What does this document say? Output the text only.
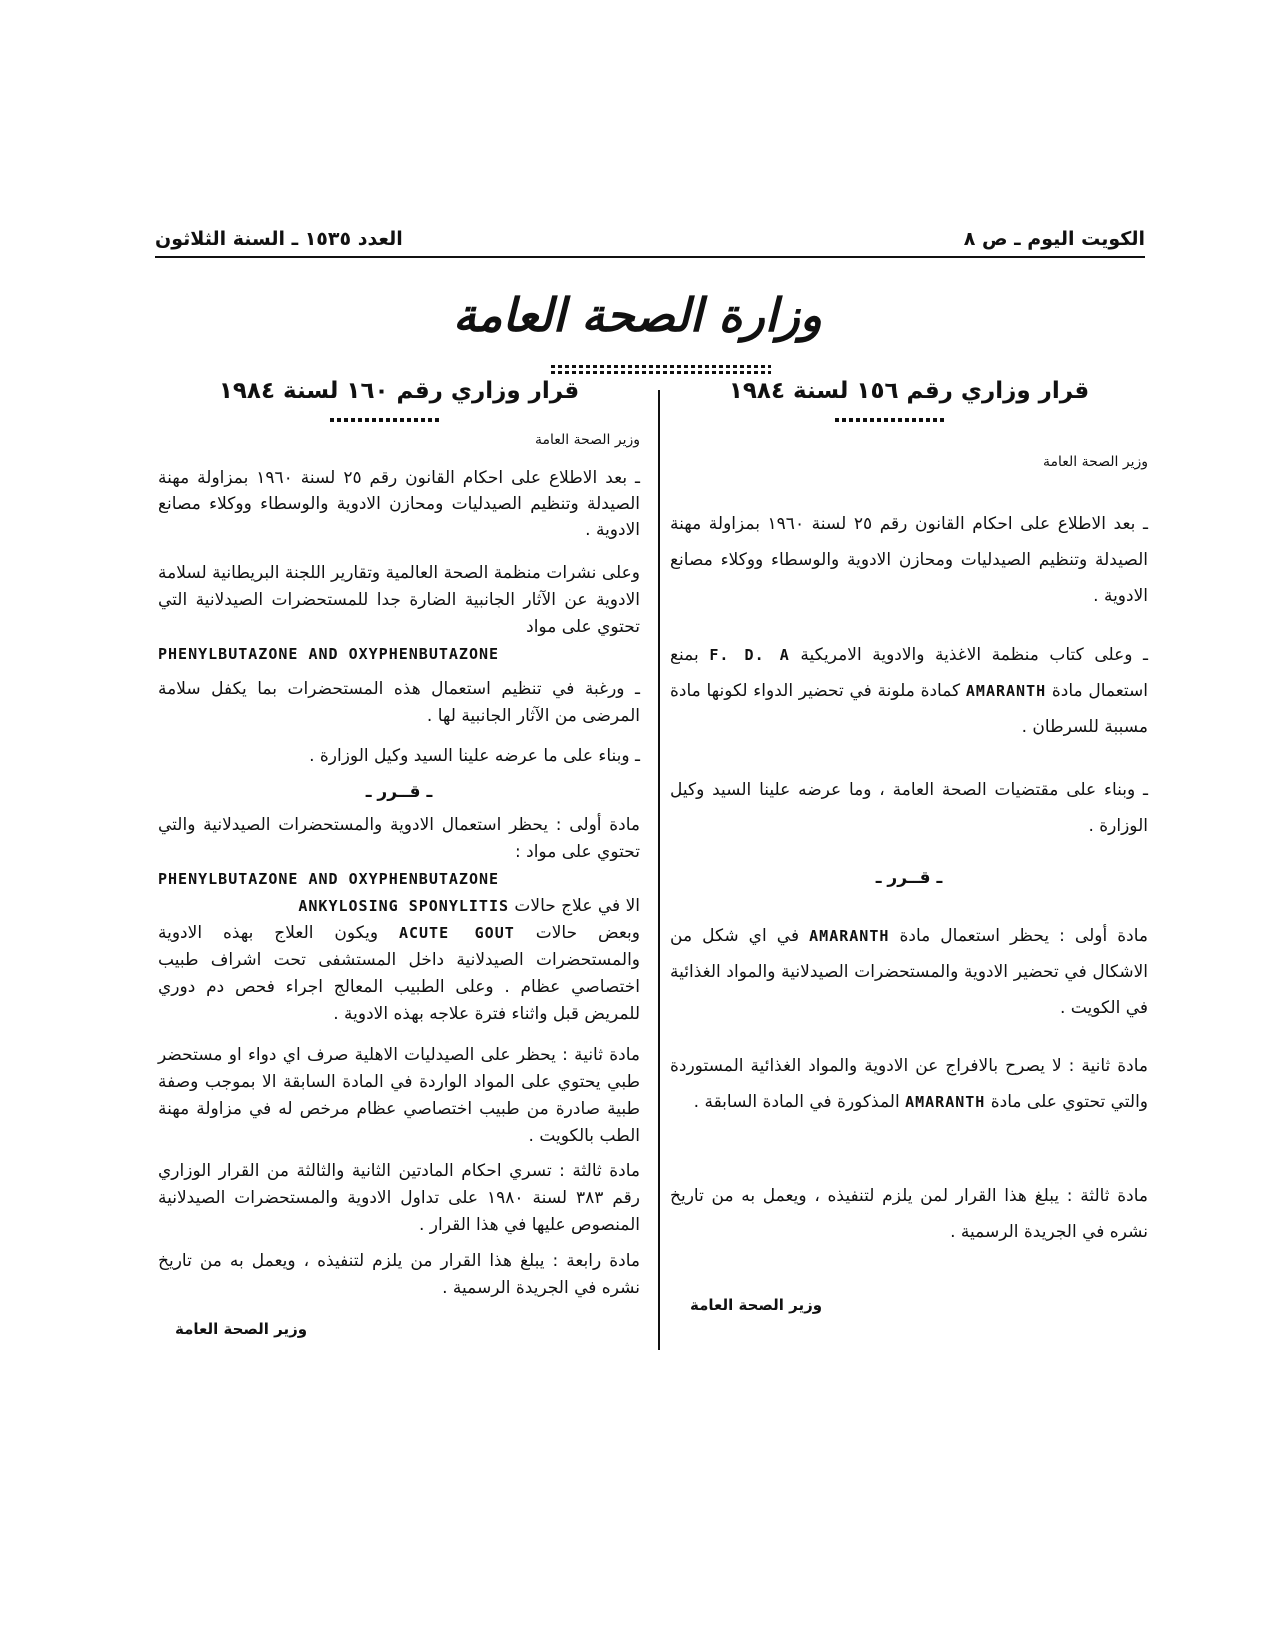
الكويت اليوم ـ ص ٨
العدد ١٥٣٥ ـ السنة الثلاثون
وزارة الصحة العامة
قرار وزاري رقم ١٥٦ لسنة ١٩٨٤
وزير الصحة العامة

ـ بعد الاطلاع على احكام القانون رقم ٢٥ لسنة ١٩٦٠ بمزاولة مهنة الصيدلة وتنظيم الصيدليات ومحازن الادوية والوسطاء ووكلاء مصانع الادوية .

ـ وعلى كتاب منظمة الاغذية والادوية الامريكية F. D. A بمنع استعمال مادة AMARANTH كمادة ملونة في تحضير الدواء لكونها مادة مسببة للسرطان .

ـ وبناء على مقتضيات الصحة العامة ، وما عرضه علينا السيد وكيل الوزارة .

ـ قــرر ـ

مادة أولى : يحظر استعمال مادة AMARANTH في اي شكل من الاشكال في تحضير الادوية والمستحضرات الصيدلانية والمواد الغذائية في الكويت .

مادة ثانية : لا يصرح بالافراج عن الادوية والمواد الغذائية المستوردة والتي تحتوي على مادة AMARANTH المذكورة في المادة السابقة .

مادة ثالثة : يبلغ هذا القرار لمن يلزم لتنفيذه ، ويعمل به من تاريخ نشره في الجريدة الرسمية .

وزير الصحة العامة
قرار وزاري رقم ١٦٠ لسنة ١٩٨٤
وزير الصحة العامة
ـ بعد الاطلاع على احكام القانون رقم ٢٥ لسنة ١٩٦٠ بمزاولة مهنة الصيدلة وتنظيم الصيدليات ومحازن الادوية والوسطاء ووكلاء مصانع الادوية .

وعلى نشرات منظمة الصحة العالمية وتقارير اللجنة البريطانية لسلامة الادوية عن الآثار الجانبية الضارة جدا للمستحضرات الصيدلانية التي تحتوي على مواد

PHENYLBUTAZONE AND OXYPHENBUTAZONE

ـ ورغبة في تنظيم استعمال هذه المستحضرات بما يكفل سلامة المرضى من الآثار الجانبية لها .
ـ وبناء على ما عرضه علينا السيد وكيل الوزارة .
ـ قــرر ـ

مادة أولى : يحظر استعمال الادوية والمستحضرات الصيدلانية والتي تحتوي على مواد :

PHENYLBUTAZONE AND OXYPHENBUTAZONE

الا في علاج حالات ANKYLOSING SPONYLITIS

وبعض حالات ACUTE GOUT ويكون العلاج بهذه الادوية والمستحضرات الصيدلانية داخل المستشفى تحت اشراف طبيب اختصاصي عظام . وعلى الطبيب المعالج اجراء فحص دم دوري للمريض قبل واثناء فترة علاجه بهذه الادوية .

مادة ثانية : يحظر على الصيدليات الاهلية صرف اي دواء او مستحضر طبي يحتوي على المواد الواردة في المادة السابقة الا بموجب وصفة طبية صادرة من طبيب اختصاصي عظام مرخص له في مزاولة مهنة الطب بالكويت .
مادة ثالثة : تسري احكام المادتين الثانية والثالثة من القرار الوزاري رقم ٣٨٣ لسنة ١٩٨٠ على تداول الادوية والمستحضرات الصيدلانية المنصوص عليها في هذا القرار .
مادة رابعة : يبلغ هذا القرار من يلزم لتنفيذه ، ويعمل به من تاريخ نشره في الجريدة الرسمية .
وزير الصحة العامة
